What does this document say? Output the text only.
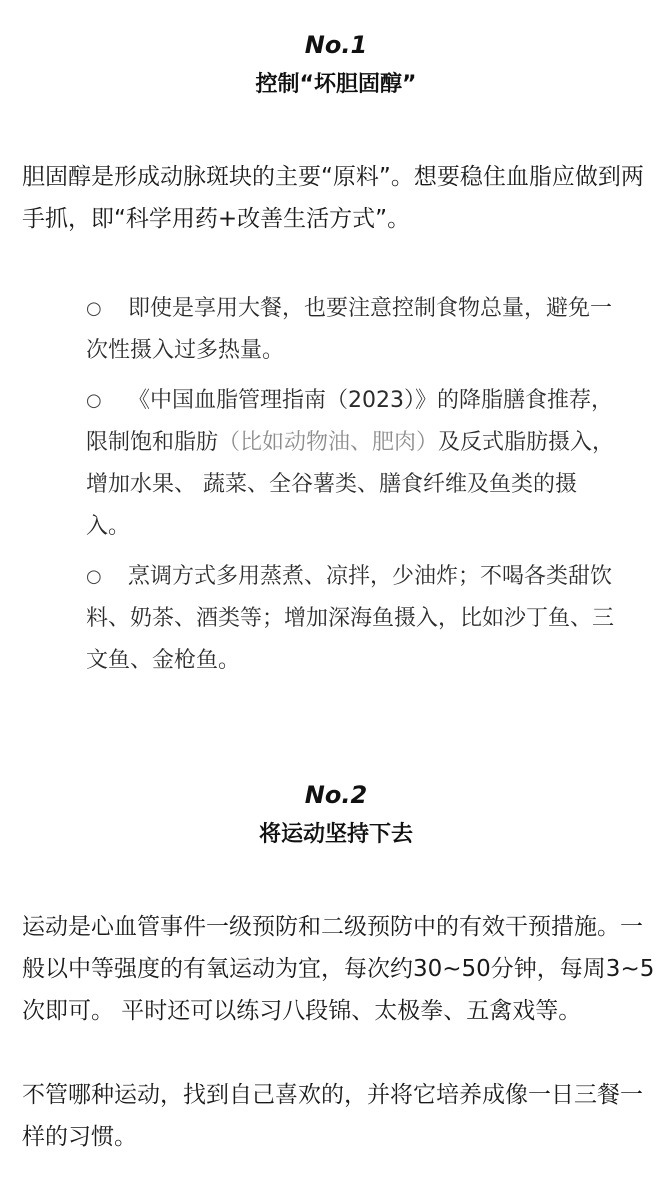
No.1
控制“坏胆固醇”

胆固醇是形成动脉斑块的主要“原料”。想要稳住血脂应做到两手抓，即“科学用药+改善生活方式”。

○ 即使是享用大餐，也要注意控制食物总量，避免一次性摄入过多热量。
○ 《中国血脂管理指南（2023）》的降脂膳食推荐，限制饱和脂肪（比如动物油、肥肉）及反式脂肪摄入，增加水果、 蔬菜、全谷薯类、膳食纤维及鱼类的摄入。
○ 烹调方式多用蒸煮、凉拌，少油炸；不喝各类甜饮料、奶茶、酒类等；增加深海鱼摄入，比如沙丁鱼、三文鱼、金枪鱼。
No.2
将运动坚持下去

运动是心血管事件一级预防和二级预防中的有效干预措施。一般以中等强度的有氧运动为宜，每次约30~50分钟，每周3~5次即可。 平时还可以练习八段锦、太极拳、五禽戏等。

不管哪种运动，找到自己喜欢的，并将它培养成像一日三餐一样的习惯。
